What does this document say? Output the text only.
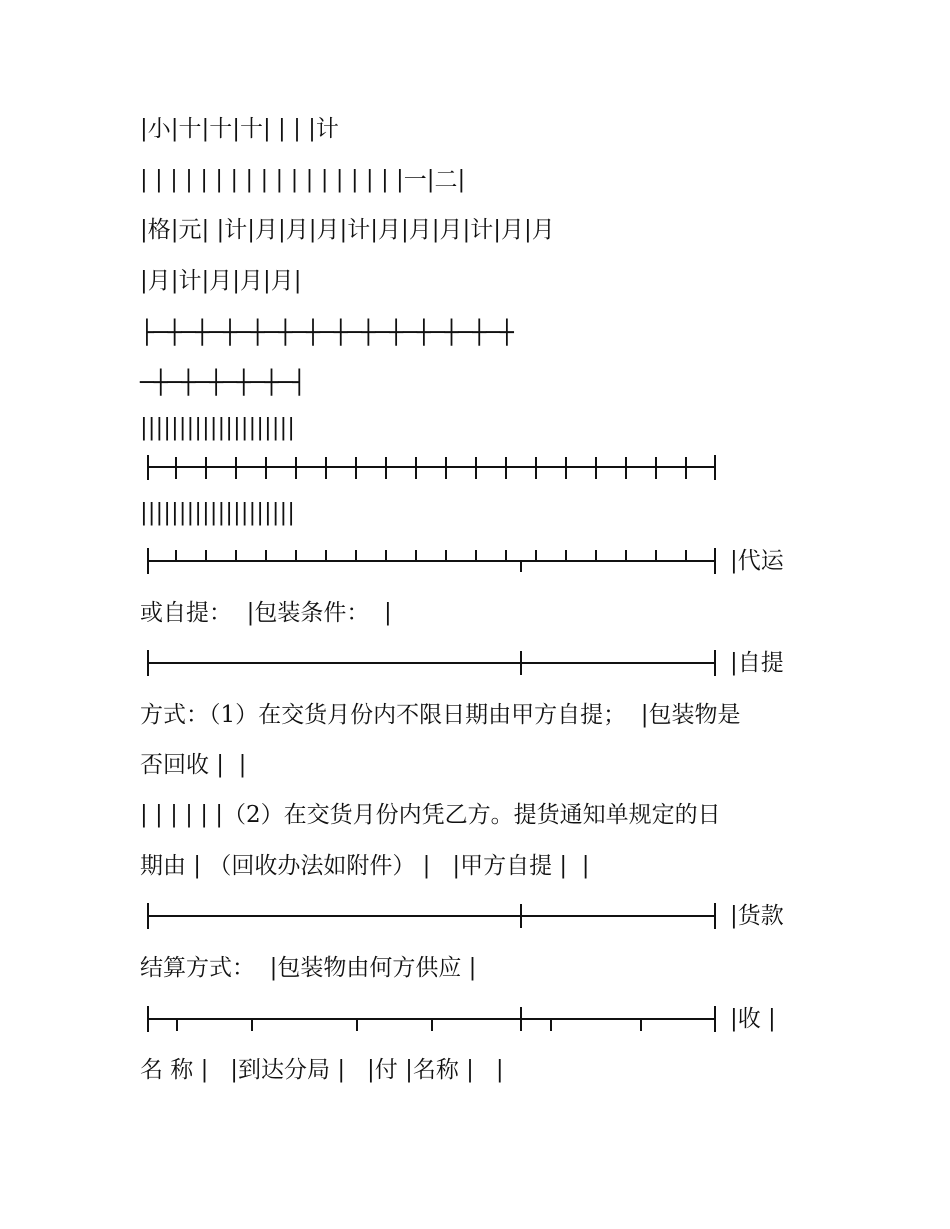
|小|十|十|十| | | |计
| | | | | | | | | | | | | | | | | |一|二|
|格|元| |计|月|月|月|计|月|月|月|计|月|月
|月|计|月|月|月|
├─┼─┼─┼─┼─┼─┼─┼─┼─┼─┼─┼─┼─┼
─┼─┼─┼─┼─┼─┤
||||||||||||||||||||
||||||||||||||||||||
|代运
或自提：  |包装条件：  |
|自提
方式：（1）在交货月份内不限日期由甲方自提；  |包装物是
否回收 |  |
| | | | | |（2）在交货月份内凭乙方。提货通知单规定的日
期由 | （回收办法如附件） |   |甲方自提 |  |
|货款
结算方式：  |包装物由何方供应 |
|收 |
名 称 |   |到达分局 |   |付 |名称 |   |
